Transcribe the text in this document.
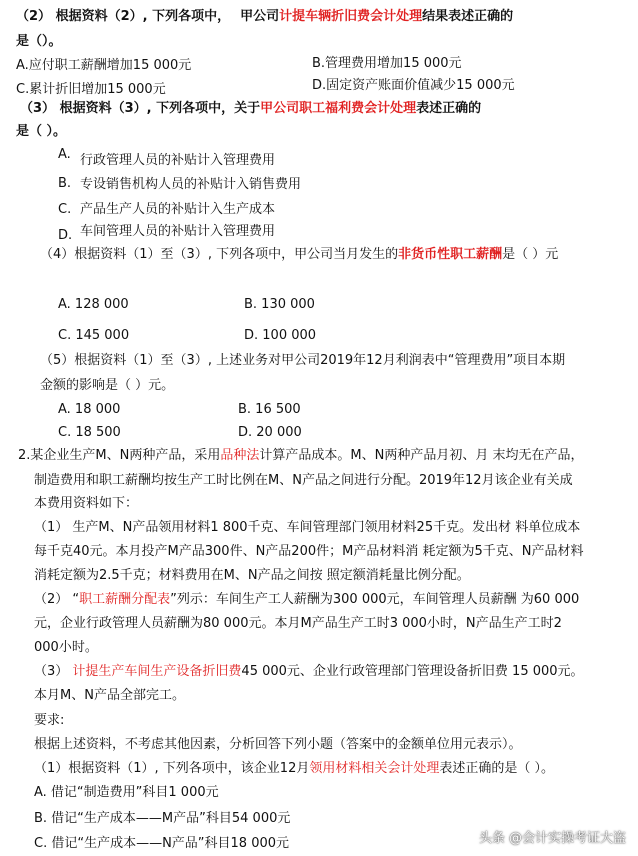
（2） 根据资料（2）, 下列各项中， 甲公司计提车辆折旧费会计处理结果表述正确的
是（）。
A.应付职工薪酬增加15 000元	B.管理费用增加15 000元
C.累计折旧增加15 000元	D.固定资产账面价值减少15 000元
（3） 根据资料（3）, 下列各项中，关于甲公司职工福利费会计处理表述正确的
是（ ）。
A. 行政管理人员的补贴计入管理费用
B. 专设销售机构人员的补贴计入销售费用
C. 产品生产人员的补贴计入生产成本
D. 车间管理人员的补贴计入管理费用
（4）根据资料（1）至（3）, 下列各项中，甲公司当月发生的非货币性职工薪酬是（ ）元
A. 128 000	B. 130 000
C. 145 000	D. 100 000
（5）根据资料（1）至（3）, 上述业务对甲公司2019年12月利润表中“管理费用”项目本期
金额的影响是（ ）元。
A. 18 000	B. 16 500
C. 18 500	D. 20 000
2.某企业生产M、N两种产品，采用品种法计算产品成本。M、N两种产品月初、月 末均无在产品，
制造费用和职工薪酬均按生产工时比例在M、N产品之间进行分配。2019年12月该企业有关成
本费用资料如下：
（1） 生产M、N产品领用材料1 800千克、车间管理部门领用材料25千克。发出材 料单位成本
每千克40元。本月投产M产品300件、N产品200件；M产品材料消 耗定额为5千克、N产品材料
消耗定额为2.5千克；材料费用在M、N产品之间按 照定额消耗量比例分配。
（2） “职工薪酬分配表”列示：车间生产工人薪酬为300 000元，车间管理人员薪酬 为60 000
元，企业行政管理人员薪酬为80 000元。本月M产品生产工时3 000小时，N产品生产工时2
000小时。
（3） 计提生产车间生产设备折旧费45 000元、企业行政管理部门管理设备折旧费 15 000元。
本月M、N产品全部完工。
要求:
根据上述资料，不考虑其他因素，分析回答下列小题（答案中的金额单位用元表示）。
（1）根据资料（1）, 下列各项中，该企业12月领用材料相关会计处理表述正确的是（ ）。
A. 借记“制造费用”科目1 000元
B. 借记“生产成本——M产品”科目54 000元
C. 借记“生产成本——N产品”科目18 000元	头条 @会计实操考证大盗
